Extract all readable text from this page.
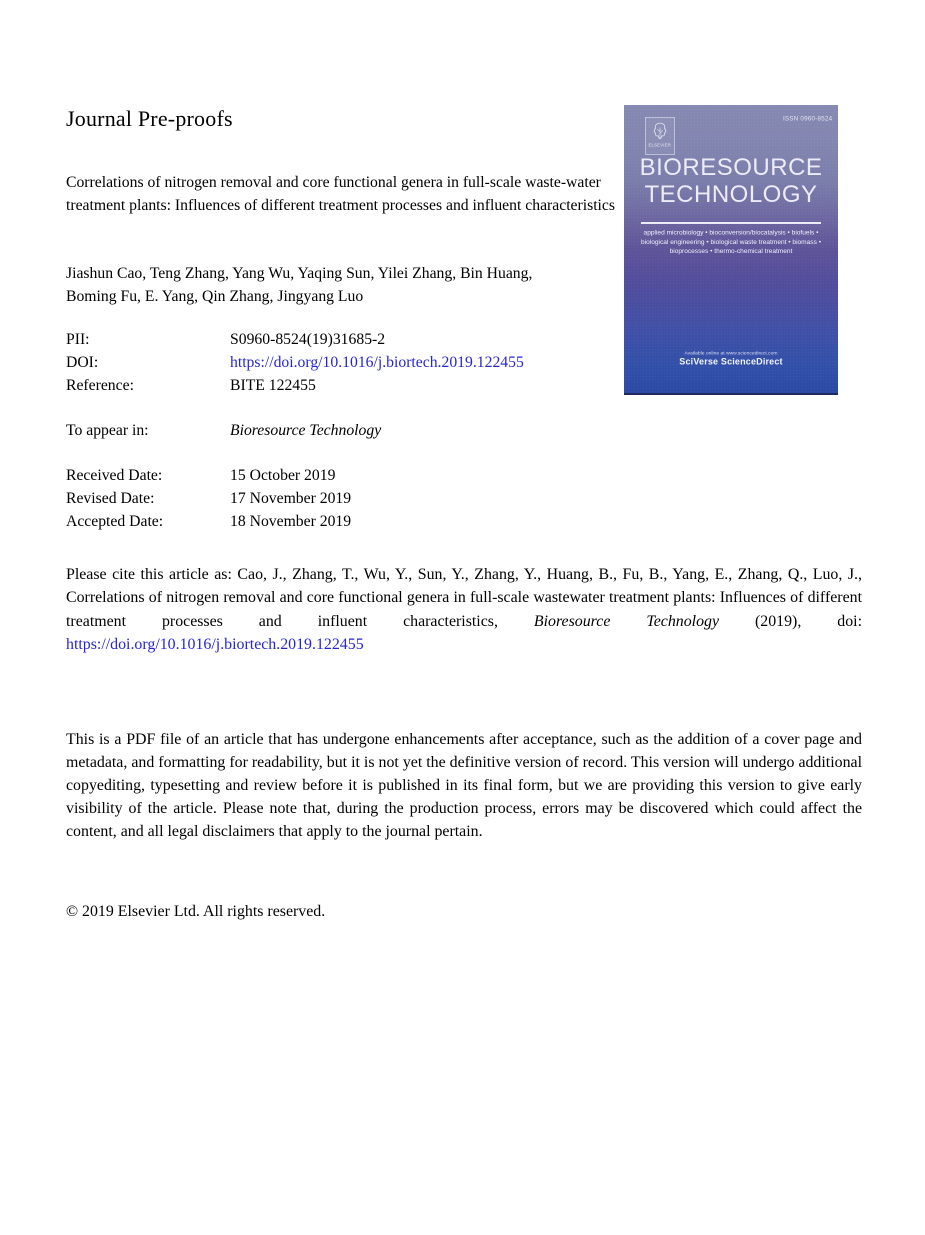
Journal Pre-proofs	ISSN 0960-8524
ELSEVIER
BIORESOURCE
TECHNOLOGY
applied microbiology • bioconversion/biocatalysis • biofuels • biological engineering • biological waste treatment • biomass • bioprocesses • thermo-chemical treatment
Available online at www.sciencedirect.com
SciVerse ScienceDirect

Correlations of nitrogen removal and core functional genera in full-scale waste-water treatment plants: Influences of different treatment processes and influent characteristics

Jiashun Cao, Teng Zhang, Yang Wu, Yaqing Sun, Yilei Zhang, Bin Huang, Boming Fu, E. Yang, Qin Zhang, Jingyang Luo

PII:	S0960-8524(19)31685-2
DOI:	https://doi.org/10.1016/j.biortech.2019.122455
Reference:	BITE 122455
To appear in:	Bioresource Technology
Received Date:	15 October 2019
Revised Date:	17 November 2019
Accepted Date:	18 November 2019

Please cite this article as: Cao, J., Zhang, T., Wu, Y., Sun, Y., Zhang, Y., Huang, B., Fu, B., Yang, E., Zhang, Q., Luo, J., Correlations of nitrogen removal and core functional genera in full-scale wastewater treatment plants: Influences of different treatment processes and influent characteristics, Bioresource Technology (2019), doi: https://doi.org/10.1016/j.biortech.2019.122455

This is a PDF file of an article that has undergone enhancements after acceptance, such as the addition of a cover page and metadata, and formatting for readability, but it is not yet the definitive version of record. This version will undergo additional copyediting, typesetting and review before it is published in its final form, but we are providing this version to give early visibility of the article. Please note that, during the production process, errors may be discovered which could affect the content, and all legal disclaimers that apply to the journal pertain.

© 2019 Elsevier Ltd. All rights reserved.
